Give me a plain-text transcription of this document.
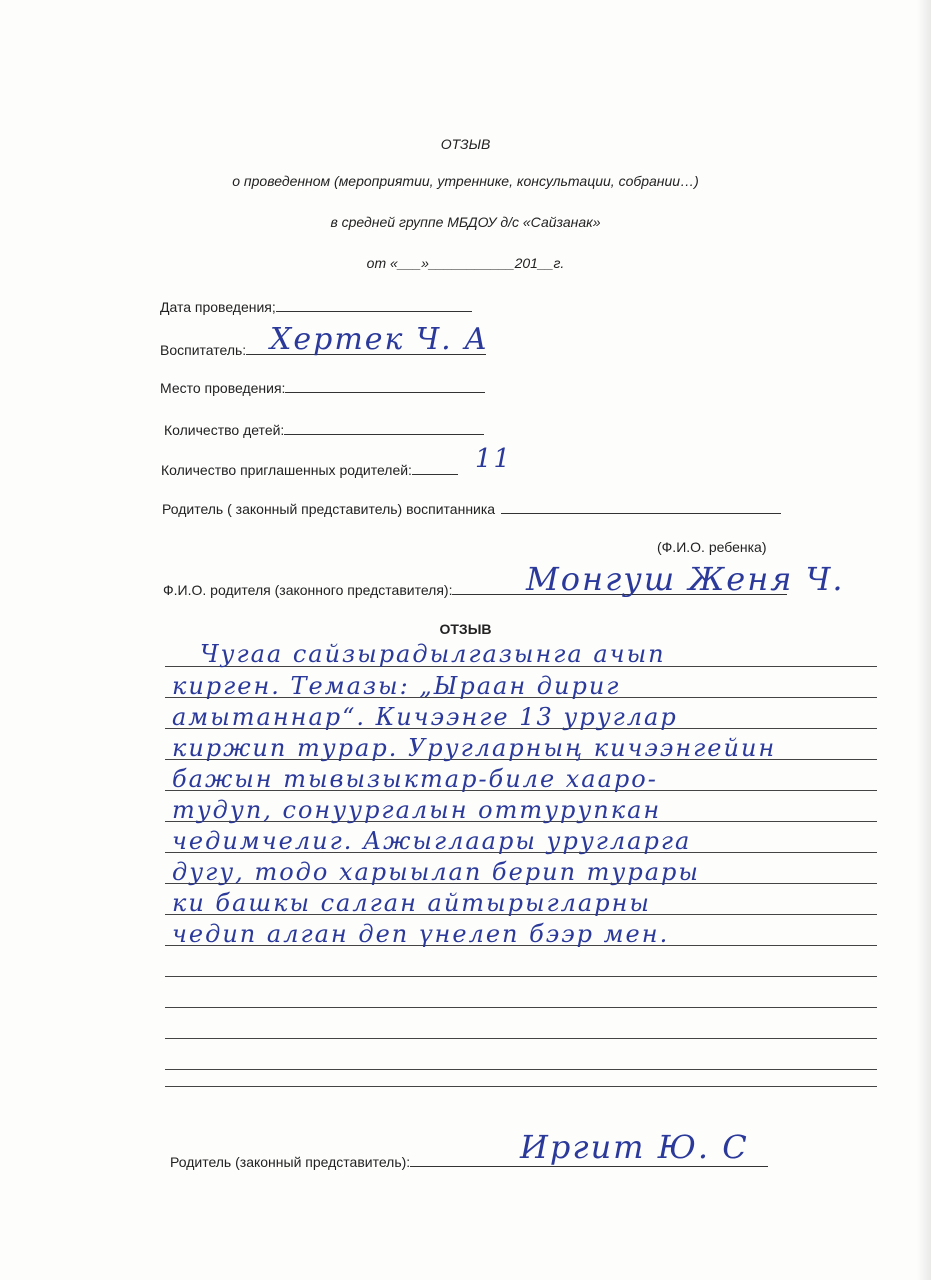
ОТЗЫВ
о проведенном (мероприятии, утреннике, консультации, собрании…)
в средней группе МБДОУ д/с «Сайзанак»
от «___»___________201__г.
Дата проведения;
Воспитатель: Хертек Ч. А
Место проведения:
Количество детей:
Количество приглашенных родителей:	11
Родитель ( законный представитель) воспитанника
(Ф.И.О. ребенка)
Ф.И.О. родителя (законного представителя):	Монгуш Женя Ч.
ОТЗЫВ
Чугаа сайзырадылгазынга ачып
кирген. Темазы: „Ыраан дириг
амытаннар“. Кичээнге 13 уруглар
киржип турар. Уругларның кичээнгейин
бажын тывызыктар-биле хааро-
тудуп, сонуургалын оттурупкан
чедимчелиг. Ажыглаары уругларга
дугу, тодо харыылап берип турары
ки башкы салган айтырыгларны
чедип алган деп үнелеп бээр мен.
Родитель (законный представитель):	Иргит Ю. С
